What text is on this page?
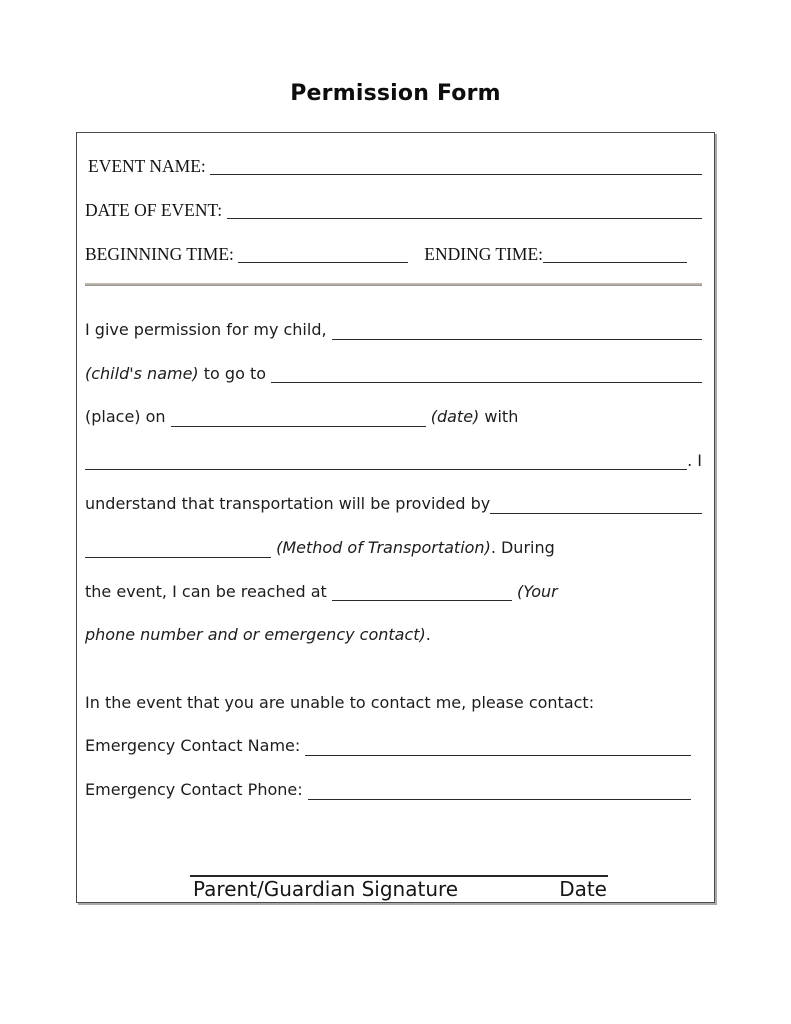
Permission Form
EVENT NAME:
DATE OF EVENT:
BEGINNING TIME:	ENDING TIME:
I give permission for my child,
(child's name) to go to
(place) on	(date) with
. I
understand that transportation will be provided by
(Method of Transportation) . During
the event, I can be reached at	(Your
phone number and or emergency contact) .
In the event that you are unable to contact me, please contact:
Emergency Contact Name:
Emergency Contact Phone:
Parent/Guardian Signature	Date
